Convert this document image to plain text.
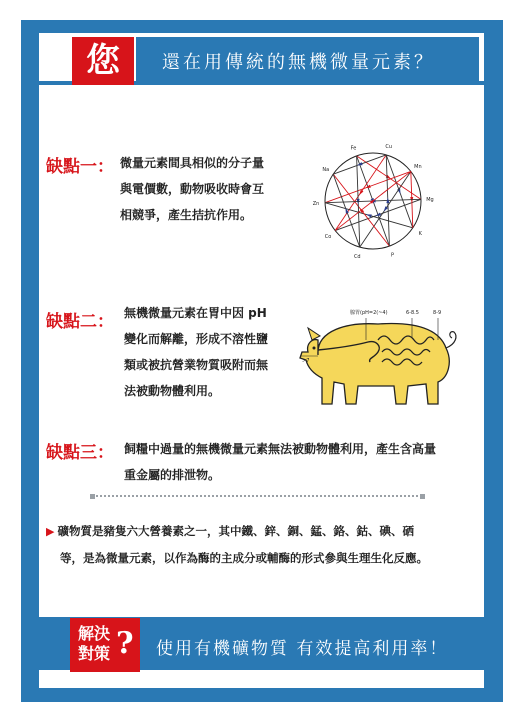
您	還在用傳統的無機微量元素？
缺點一： 微量元素間具相似的分子量
與電價數，動物吸收時會互
相競爭，產生拮抗作用。
Fe	Cu
Mn
Mg
K
P
Cd
Co
Zn
Na
缺點二： 無機微量元素在胃中因 pH
變化而解離，形成不溶性鹽
類或被抗營業物質吸附而無
法被動物體利用。
腺胃(pH=2(~4)	6-8.5	8-9
>7
缺點三： 飼糧中過量的無機微量元素無法被動物體利用，產生含高量
重金屬的排泄物。
▶ 礦物質是豬隻六大營養素之一，其中鐵、鋅、銅、錳、鉻、鈷、碘、硒
等，是為微量元素，以作為酶的主成分或輔酶的形式參與生理生化反應。
解決
對策 ? 使用有機礦物質 有效提高利用率！
